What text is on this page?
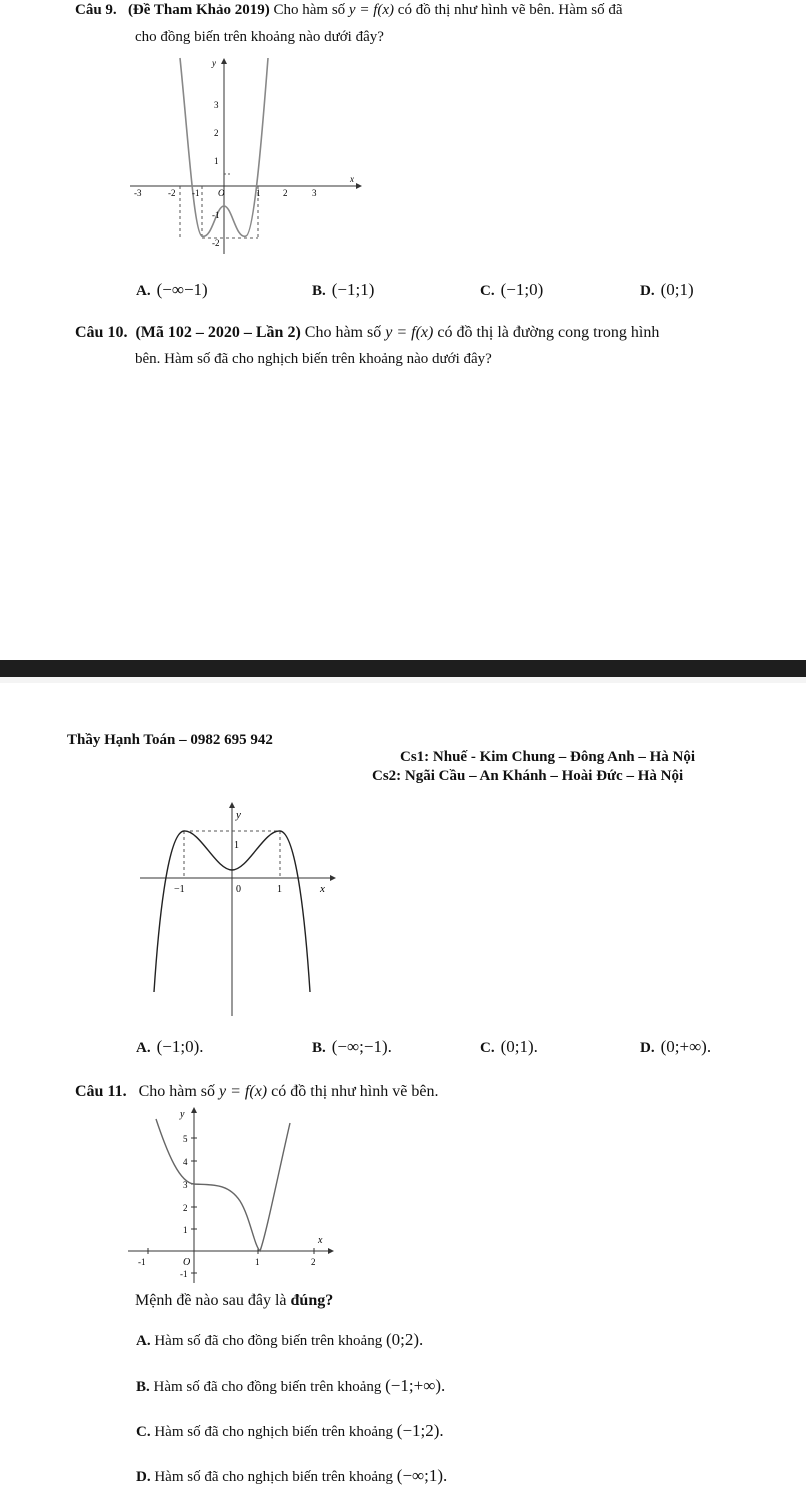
Câu 9. (Đề Tham Khảo 2019) Cho hàm số y = f(x) có đồ thị như hình vẽ bên. Hàm số đã
cho đồng biến trên khoảng nào dưới đây?
-3	-2 -1 O	1	2	3
1
2
3
-1
-2
y
x
A. (−∞−1)	B. (−1;1)	C. (−1;0)	D. (0;1)
Câu 10. (Mã 102 – 2020 – Lần 2) Cho hàm số y = f(x) có đồ thị là đường cong trong hình
bên. Hàm số đã cho nghịch biến trên khoảng nào dưới đây?
Thầy Hạnh Toán – 0982 695 942
Cs1: Nhuế - Kim Chung – Đông Anh – Hà Nội
Cs2: Ngãi Cầu – An Khánh – Hoài Đức – Hà Nội
−1	0	1
1
y
x
A. (−1;0).	B. (−∞;−1).	C. (0;1).	D. (0;+∞).
Câu 11. Cho hàm số y = f(x) có đồ thị như hình vẽ bên.
5
4
3
2
1
-1	O	1	2
-1
y
x
Mệnh đề nào sau đây là đúng?
A. Hàm số đã cho đồng biến trên khoảng (0;2).
B. Hàm số đã cho đồng biến trên khoảng (−1;+∞).
C. Hàm số đã cho nghịch biến trên khoảng (−1;2).
D. Hàm số đã cho nghịch biến trên khoảng (−∞;1).
